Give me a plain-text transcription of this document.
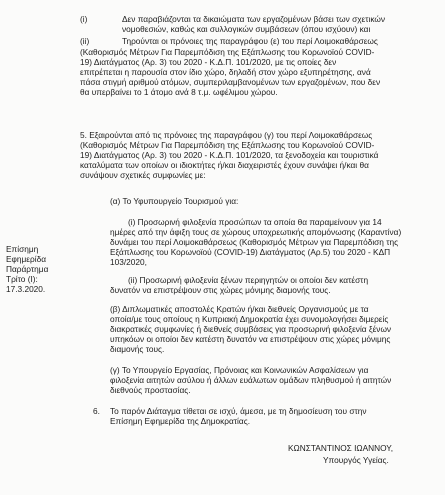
(i)	Δεν παραβιάζονται τα δικαιώματα των εργαζομένων βάσει των σχετικών
νομοθεσιών, καθώς και συλλογικών συμβάσεων (όπου ισχύουν) και
(ii)	Τηρούνται οι πρόνοιες της παραγράφου (ε) του περί Λοιμοκαθάρσεως
(Καθορισμός Μέτρων Για Παρεμπόδιση της Εξάπλωσης του Κορωνοϊού COVID-
19) Διατάγματος (Αρ. 3) του 2020 - Κ.Δ.Π. 101/2020, με τις οποίες δεν
επιτρέπεται η παρουσία στον ίδιο χώρο, δηλαδή στον χώρο εξυπηρέτησης, ανά
πάσα στιγμή αριθμού ατόμων, συμπεριλαμβανομένων των εργαζομένων, που δεν
θα υπερβαίνει το 1 άτομο ανά 8 τ.μ. ωφέλιμου χώρου.
5. Εξαιρούνται από τις πρόνοιες της παραγράφου (γ) του περί Λοιμοκαθάρσεως
(Καθορισμός Μέτρων Για Παρεμπόδιση της Εξάπλωσης του Κορωνοϊού COVID-
19) Διατάγματος (Αρ. 3) του 2020 - Κ.Δ.Π. 101/2020, τα ξενοδοχεία και τουριστικά
καταλύματα των οποίων οι ιδιοκτήτες ή/και διαχειριστές έχουν συνάψει ή/και θα
συνάψουν σχετικές συμφωνίες με:
(α) Το Υφυπουργείο Τουρισμού για:
(i) Προσωρινή φιλοξενία προσώπων τα οποία θα παραμείνουν για 14
ημέρες από την άφιξη τους σε χώρους υποχρεωτικής απομόνωσης (Καραντίνα)
δυνάμει του περί Λοιμοκαθάρσεως (Καθορισμός Μέτρων για Παρεμπόδιση της
Εξάπλωσης του Κορωνοϊού (COVID-19) Διατάγματος (Αρ.5) του 2020 - ΚΔΠ
103/2020,
(ii) Προσωρινή φιλοξενία ξένων περιηγητών οι οποίοι δεν κατέστη
δυνατόν να επιστρέψουν στις χώρες μόνιμης διαμονής τους.
Επίσημη
Εφημερίδα
Παράρτημα
Τρίτο (Ι):
17.3.2020.
(β) Διπλωματικές αποστολές Κρατών ή/και διεθνείς Οργανισμούς με τα
οποία/με τους οποίους η Κυπριακή Δημοκρατία έχει συνομολογήσει διμερείς
διακρατικές συμφωνίες ή διεθνείς συμβάσεις για προσωρινή φιλοξενία ξένων
υπηκόων οι οποίοι δεν κατέστη δυνατόν να επιστρέψουν στις χώρες μόνιμης
διαμονής τους.
(γ) Το Υπουργείο Εργασίας, Πρόνοιας και Κοινωνικών Ασφαλίσεων για
φιλοξενία αιτητών ασύλου ή άλλων ευάλωτων ομάδων πληθυσμού ή αιτητών
διεθνούς προστασίας.
6. Το παρόν Διάταγμα τίθεται σε ισχύ, άμεσα, με τη δημοσίευση του στην
Επίσημη Εφημερίδα της Δημοκρατίας.
ΚΩΝΣΤΑΝΤΙΝΟΣ ΙΩΑΝΝΟΥ,
Υπουργός Υγείας.
